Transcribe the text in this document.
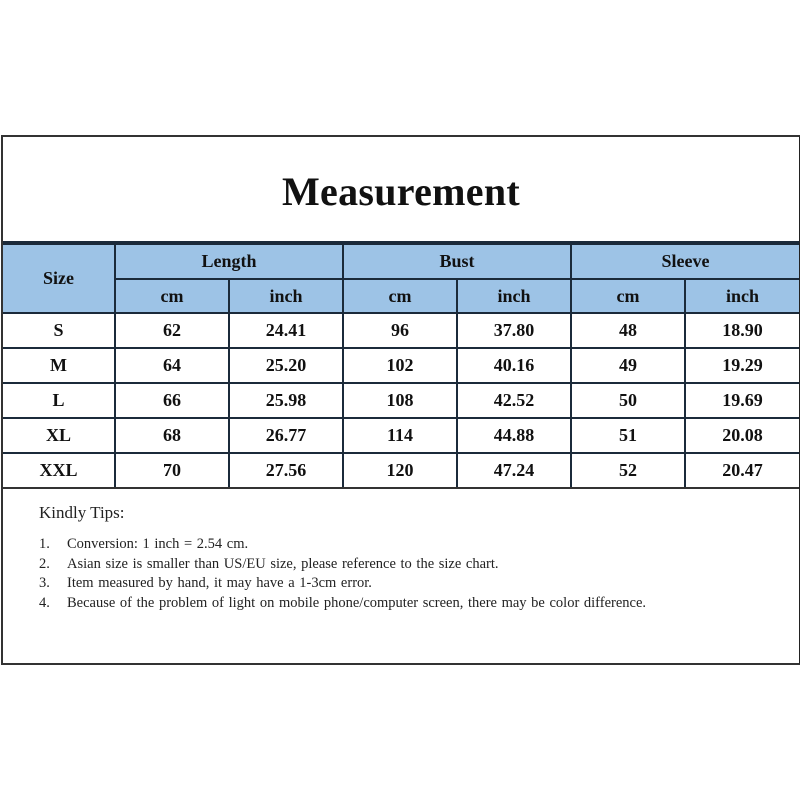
Measurement
Size	Length		Bust		Sleeve	
	cm	inch	cm	inch	cm	inch
S	62	24.41	96	37.80	48	18.90
M	64	25.20	102	40.16	49	19.29
L	66	25.98	108	42.52	50	19.69
XL	68	26.77	114	44.88	51	20.08
XXL	70	27.56	120	47.24	52	20.47

Kindly Tips:

1.	Conversion: 1 inch = 2.54 cm.
2.	Asian size is smaller than US/EU size, please reference to the size chart.
3.	Item measured by hand, it may have a 1-3cm error.
4.	Because of the problem of light on mobile phone/computer screen, there may be color difference.
